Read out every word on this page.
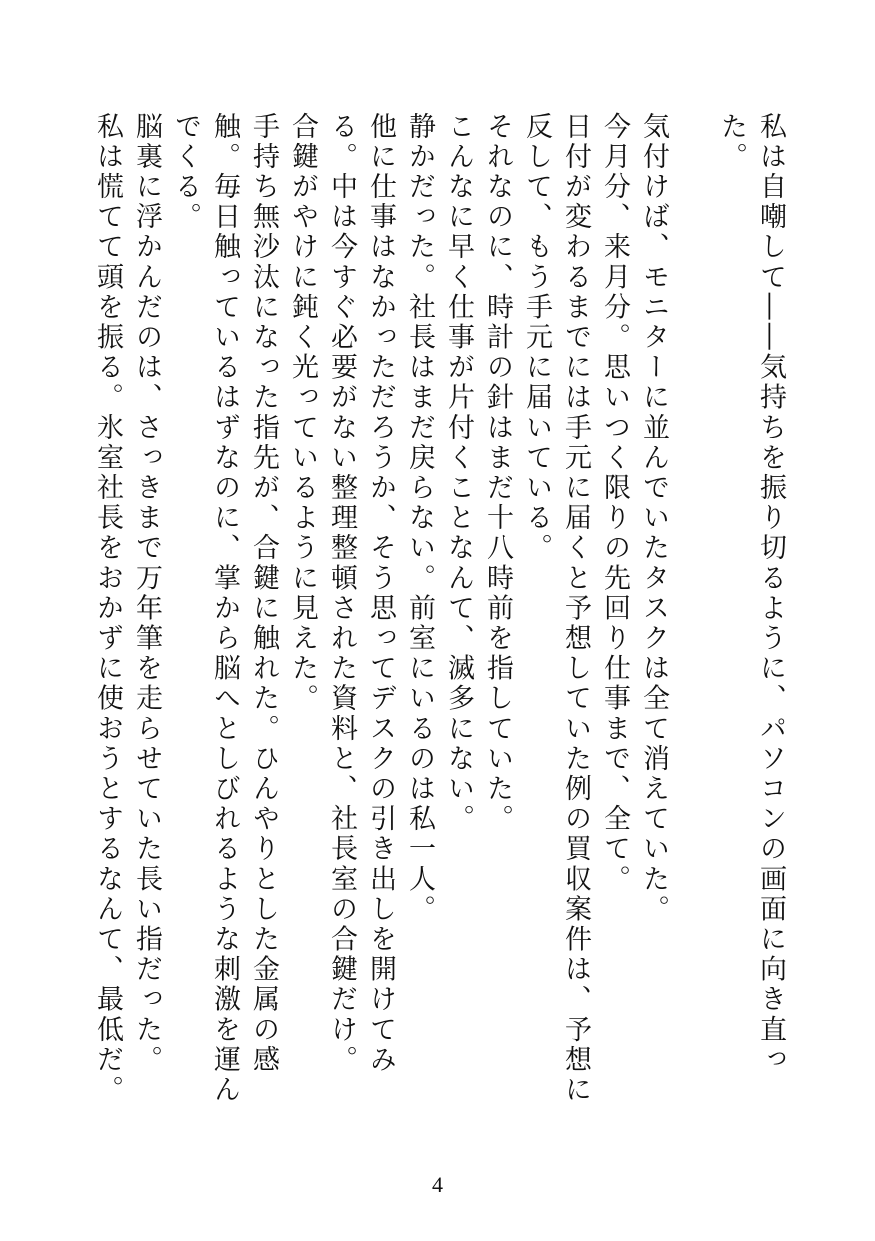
私は自嘲して――気持ちを振り切るように、パソコンの画面に向き直った。

気付けば、モニターに並んでいたタスクは全て消えていた。

今月分、来月分。思いつく限りの先回り仕事まで、全て。

日付が変わるまでには手元に届くと予想していた例の買収案件は、予想に反して、もう手元に届いている。

それなのに、時計の針はまだ十八時前を指していた。

こんなに早く仕事が片付くことなんて、滅多にない。

静かだった。社長はまだ戻らない。前室にいるのは私一人。

他に仕事はなかっただろうか、そう思ってデスクの引き出しを開けてみる。中は今すぐ必要がない整理整頓された資料と、社長室の合鍵だけ。

合鍵がやけに鈍く光っているように見えた。

手持ち無沙汰になった指先が、合鍵に触れた。ひんやりとした金属の感触。毎日触っているはずなのに、掌から脳へとしびれるような刺激を運んでくる。

脳裏に浮かんだのは、さっきまで万年筆を走らせていた長い指だった。

私は慌てて頭を振る。氷室社長をおかずに使おうとするなんて、最低だ。

4
